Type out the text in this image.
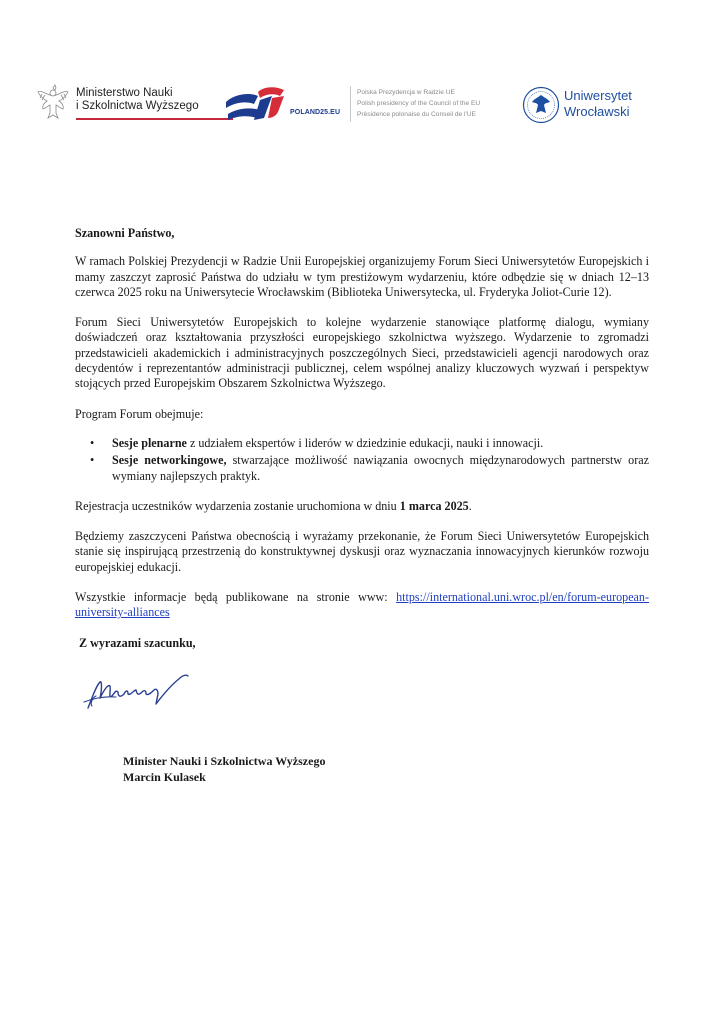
Ministerstwo Nauki
i Szkolnictwa Wyższego
POLAND25.EU
Polska Prezydencja w Radzie UE
Polish presidency of the Council of the EU
Présidence polonaise du Conseil de l'UE
Uniwersytet
Wrocławski

Szanowni Państwo,

W ramach Polskiej Prezydencji w Radzie Unii Europejskiej organizujemy Forum Sieci Uniwersytetów Europejskich i mamy zaszczyt zaprosić Państwa do udziału w tym prestiżowym wydarzeniu, które odbędzie się w dniach 12–13 czerwca 2025 roku na Uniwersytecie Wrocławskim (Biblioteka Uniwersytecka, ul. Fryderyka Joliot-Curie 12).

Forum Sieci Uniwersytetów Europejskich to kolejne wydarzenie stanowiące platformę dialogu, wymiany doświadczeń oraz kształtowania przyszłości europejskiego szkolnictwa wyższego. Wydarzenie to zgromadzi przedstawicieli akademickich i administracyjnych poszczególnych Sieci, przedstawicieli agencji narodowych oraz decydentów i reprezentantów administracji publicznej, celem wspólnej analizy kluczowych wyzwań i perspektyw stojących przed Europejskim Obszarem Szkolnictwa Wyższego.

Program Forum obejmuje:

• Sesje plenarne z udziałem ekspertów i liderów w dziedzinie edukacji, nauki i innowacji.
• Sesje networkingowe, stwarzające możliwość nawiązania owocnych międzynarodowych partnerstw oraz wymiany najlepszych praktyk.

Rejestracja uczestników wydarzenia zostanie uruchomiona w dniu 1 marca 2025.

Będziemy zaszczyceni Państwa obecnością i wyrażamy przekonanie, że Forum Sieci Uniwersytetów Europejskich stanie się inspirującą przestrzenią do konstruktywnej dyskusji oraz wyznaczania innowacyjnych kierunków rozwoju europejskiej edukacji.

Wszystkie informacje będą publikowane na stronie www: https://international.uni.wroc.pl/en/forum-european-university-alliances

Z wyrazami szacunku,

Minister Nauki i Szkolnictwa Wyższego
Marcin Kulasek
